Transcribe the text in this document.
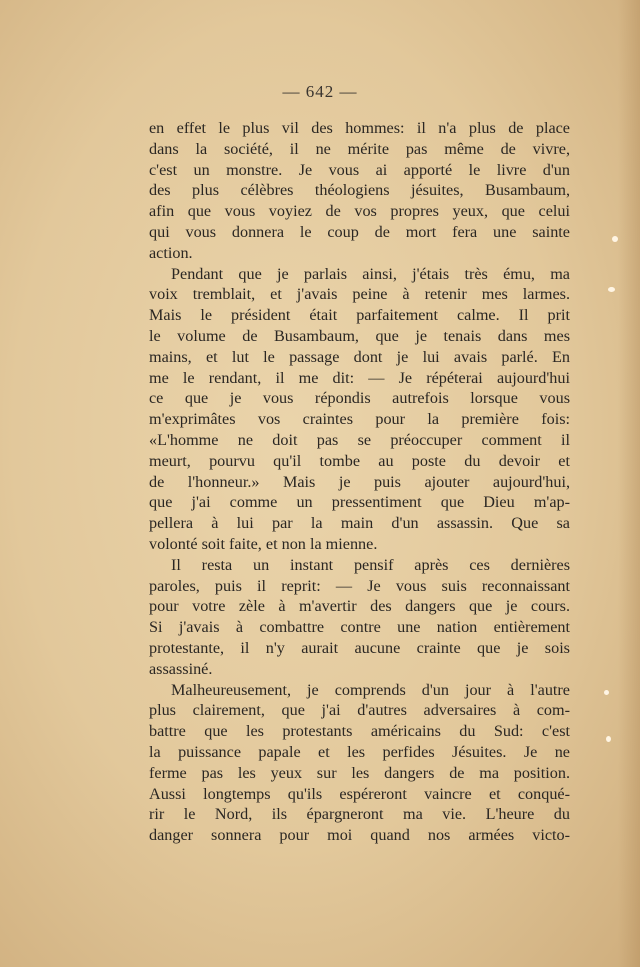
— 642 —
en effet le plus vil des hommes: il n'a plus de place
dans la société, il ne mérite pas même de vivre,
c'est un monstre. Je vous ai apporté le livre d'un
des plus célèbres théologiens jésuites, Busambaum,
afin que vous voyiez de vos propres yeux, que celui
qui vous donnera le coup de mort fera une sainte
action.
Pendant que je parlais ainsi, j'étais très ému, ma
voix tremblait, et j'avais peine à retenir mes larmes.
Mais le président était parfaitement calme. Il prit
le volume de Busambaum, que je tenais dans mes
mains, et lut le passage dont je lui avais parlé. En
me le rendant, il me dit: — Je répéterai aujourd'hui
ce que je vous répondis autrefois lorsque vous
m'exprimâtes vos craintes pour la première fois:
«L'homme ne doit pas se préoccuper comment il
meurt, pourvu qu'il tombe au poste du devoir et
de l'honneur.» Mais je puis ajouter aujourd'hui,
que j'ai comme un pressentiment que Dieu m'ap-
pellera à lui par la main d'un assassin. Que sa
volonté soit faite, et non la mienne.
Il resta un instant pensif après ces dernières
paroles, puis il reprit: — Je vous suis reconnaissant
pour votre zèle à m'avertir des dangers que je cours.
Si j'avais à combattre contre une nation entièrement
protestante, il n'y aurait aucune crainte que je sois
assassiné.
Malheureusement, je comprends d'un jour à l'autre
plus clairement, que j'ai d'autres adversaires à com-
battre que les protestants américains du Sud: c'est
la puissance papale et les perfides Jésuites. Je ne
ferme pas les yeux sur les dangers de ma position.
Aussi longtemps qu'ils espéreront vaincre et conqué-
rir le Nord, ils épargneront ma vie. L'heure du
danger sonnera pour moi quand nos armées victo-
